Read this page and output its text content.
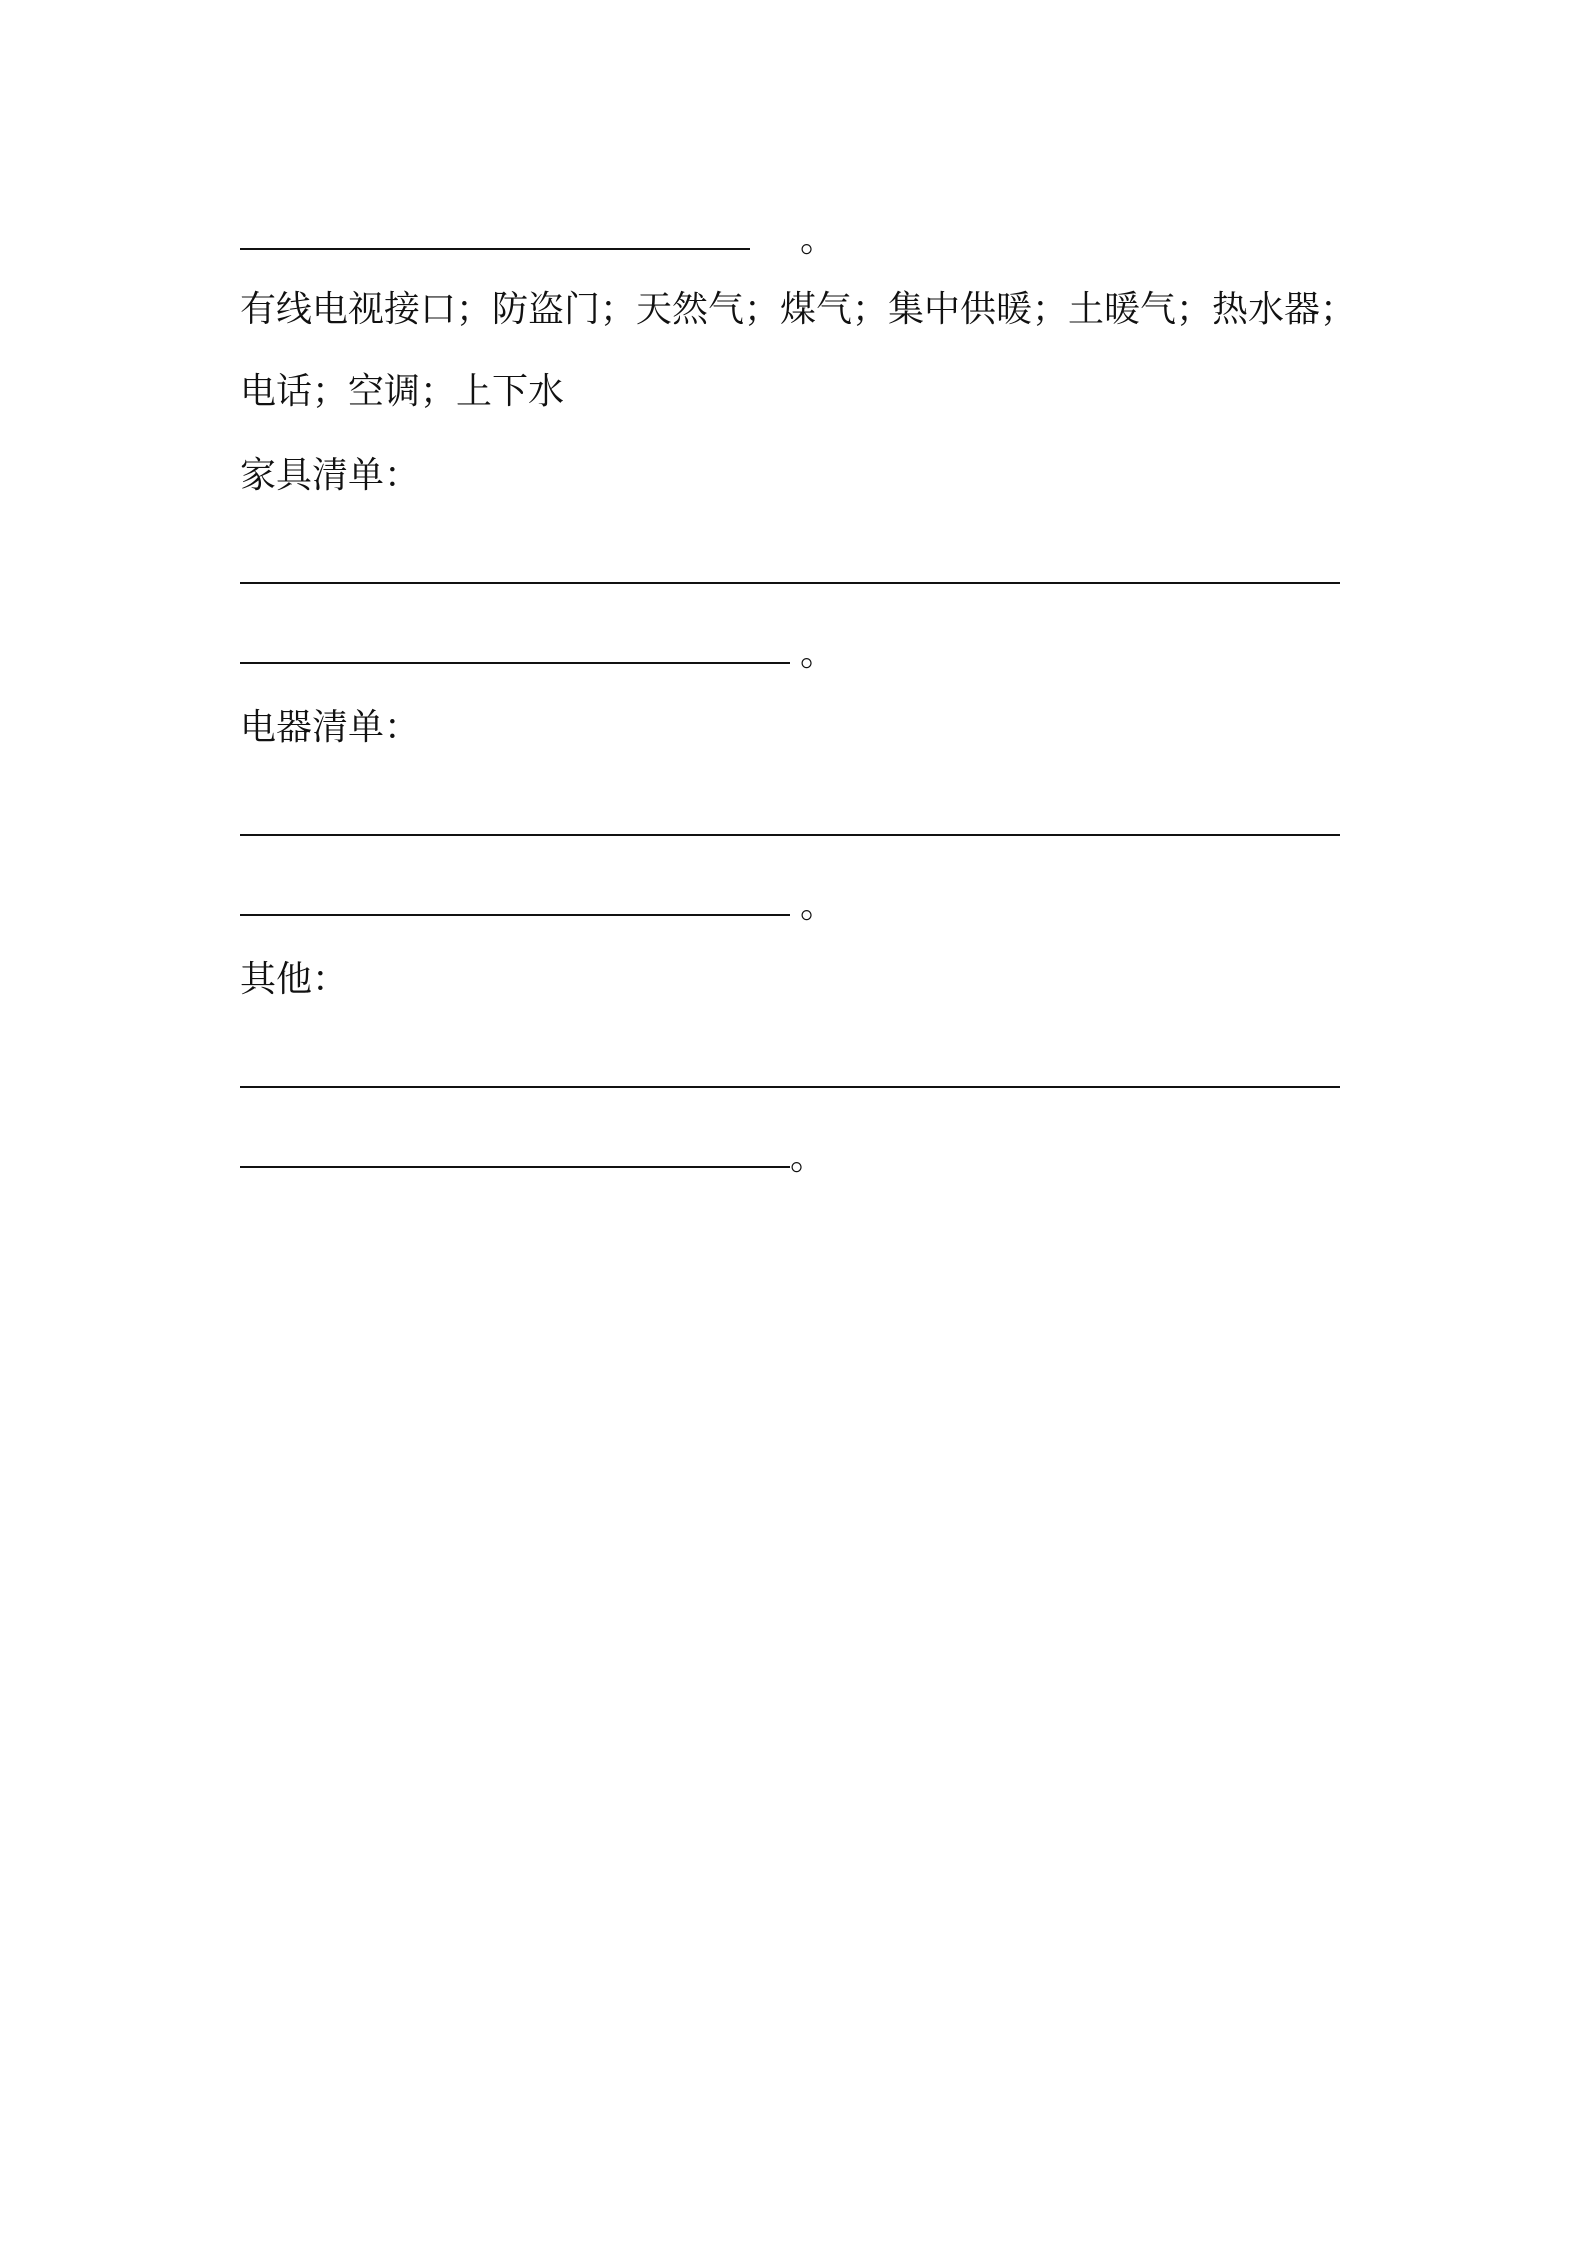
。
有线电视接口；防盗门；天然气；煤气；集中供暖；土暖气；热水器；
电话；空调；上下水
家具清单：
。
电器清单：
。
其他：
。
